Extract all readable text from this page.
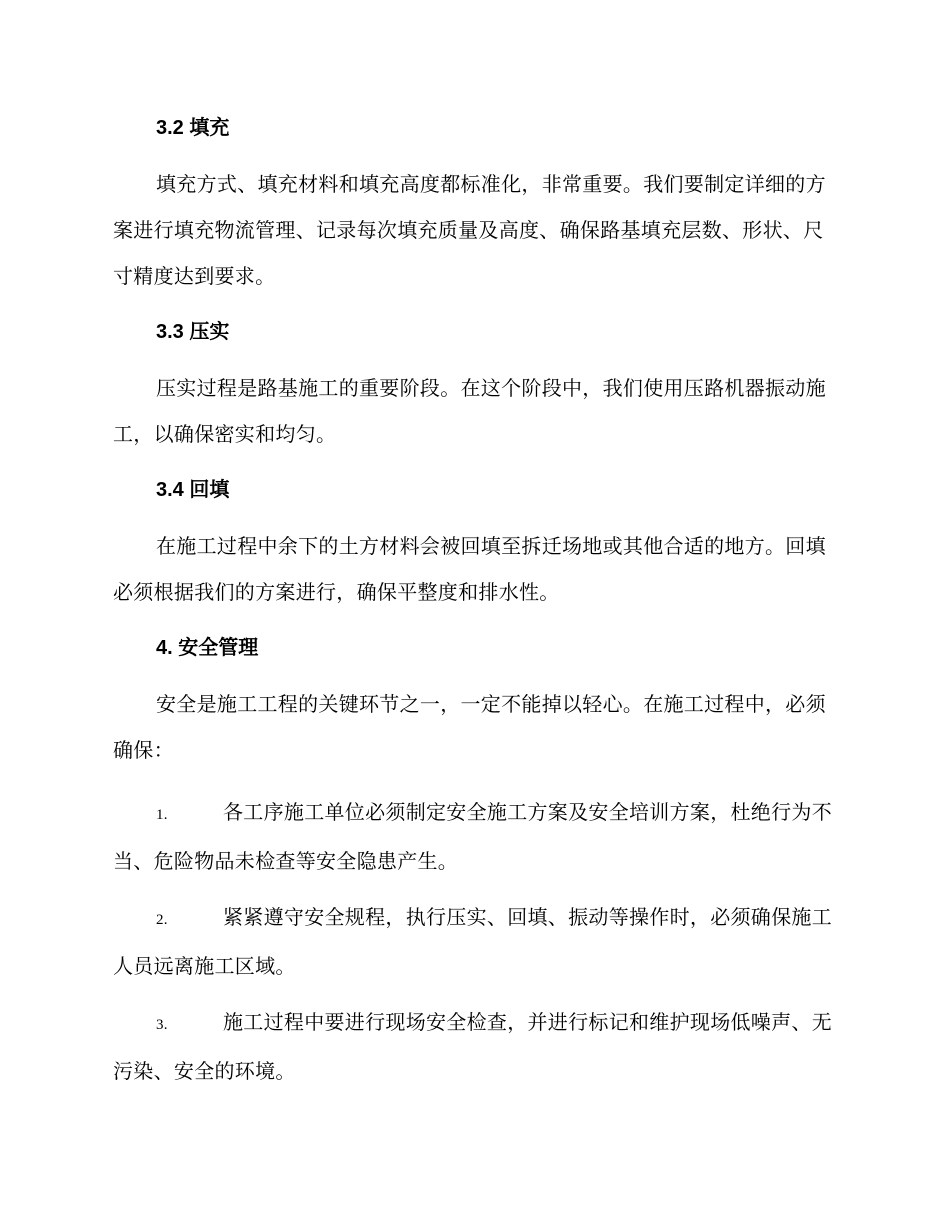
3.2 填充

填充方式、填充材料和填充高度都标准化，非常重要。我们要制定详细的方案进行填充物流管理、记录每次填充质量及高度、确保路基填充层数、形状、尺寸精度达到要求。

3.3 压实

压实过程是路基施工的重要阶段。在这个阶段中，我们使用压路机器振动施工，以确保密实和均匀。

3.4 回填

在施工过程中余下的土方材料会被回填至拆迁场地或其他合适的地方。回填必须根据我们的方案进行，确保平整度和排水性。

4. 安全管理

安全是施工工程的关键环节之一，一定不能掉以轻心。在施工过程中，必须确保：

1.	各工序施工单位必须制定安全施工方案及安全培训方案，杜绝行为不当、危险物品未检查等安全隐患产生。

2.	紧紧遵守安全规程，执行压实、回填、振动等操作时，必须确保施工人员远离施工区域。

3.	施工过程中要进行现场安全检查，并进行标记和维护现场低噪声、无污染、安全的环境。
